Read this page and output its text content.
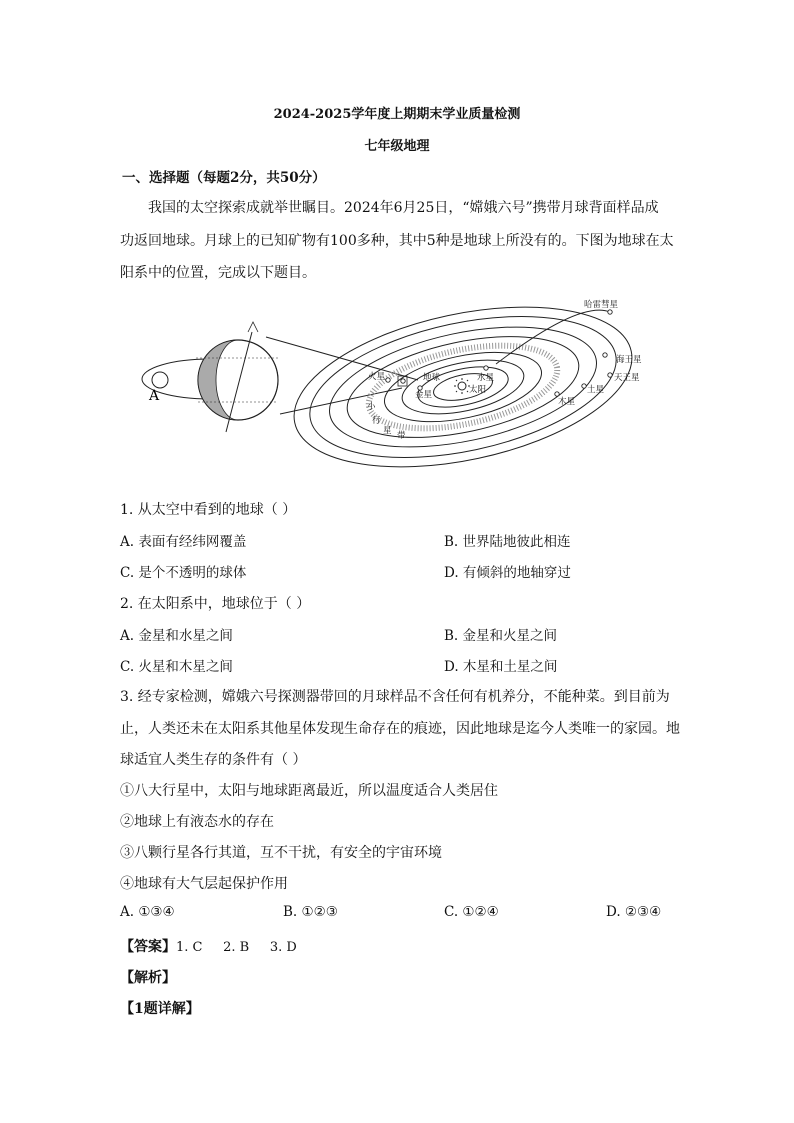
2024-2025学年度上期期末学业质量检测
七年级地理
一、选择题（每题2分，共50分）
我国的太空探索成就举世瞩目。2024年6月25日，“嫦娥六号”携带月球背面样品成
功返回地球。月球上的已知矿物有100多种，其中5种是地球上所没有的。下图为地球在太
阳系中的位置，完成以下题目。
A
哈雷彗星
海王星
天王星
土星
木星
水星
太阳
地球
金星
火星
小
行
星 带
1. 从太空中看到的地球（ ）
A. 表面有经纬网覆盖	B. 世界陆地彼此相连
C. 是个不透明的球体	D. 有倾斜的地轴穿过
2. 在太阳系中，地球位于（ ）
A. 金星和水星之间	B. 金星和火星之间
C. 火星和木星之间	D. 木星和土星之间
3. 经专家检测，嫦娥六号探测器带回的月球样品不含任何有机养分，不能种菜。到目前为
止，人类还未在太阳系其他星体发现生命存在的痕迹，因此地球是迄今人类唯一的家园。地
球适宜人类生存的条件有（ ）
①八大行星中，太阳与地球距离最近，所以温度适合人类居住
②地球上有液态水的存在
③八颗行星各行其道，互不干扰，有安全的宇宙环境
④地球有大气层起保护作用
A. ①③④	B. ①②③	C. ①②④	D. ②③④
【答案】1. C     2. B     3. D
【解析】
【1题详解】
